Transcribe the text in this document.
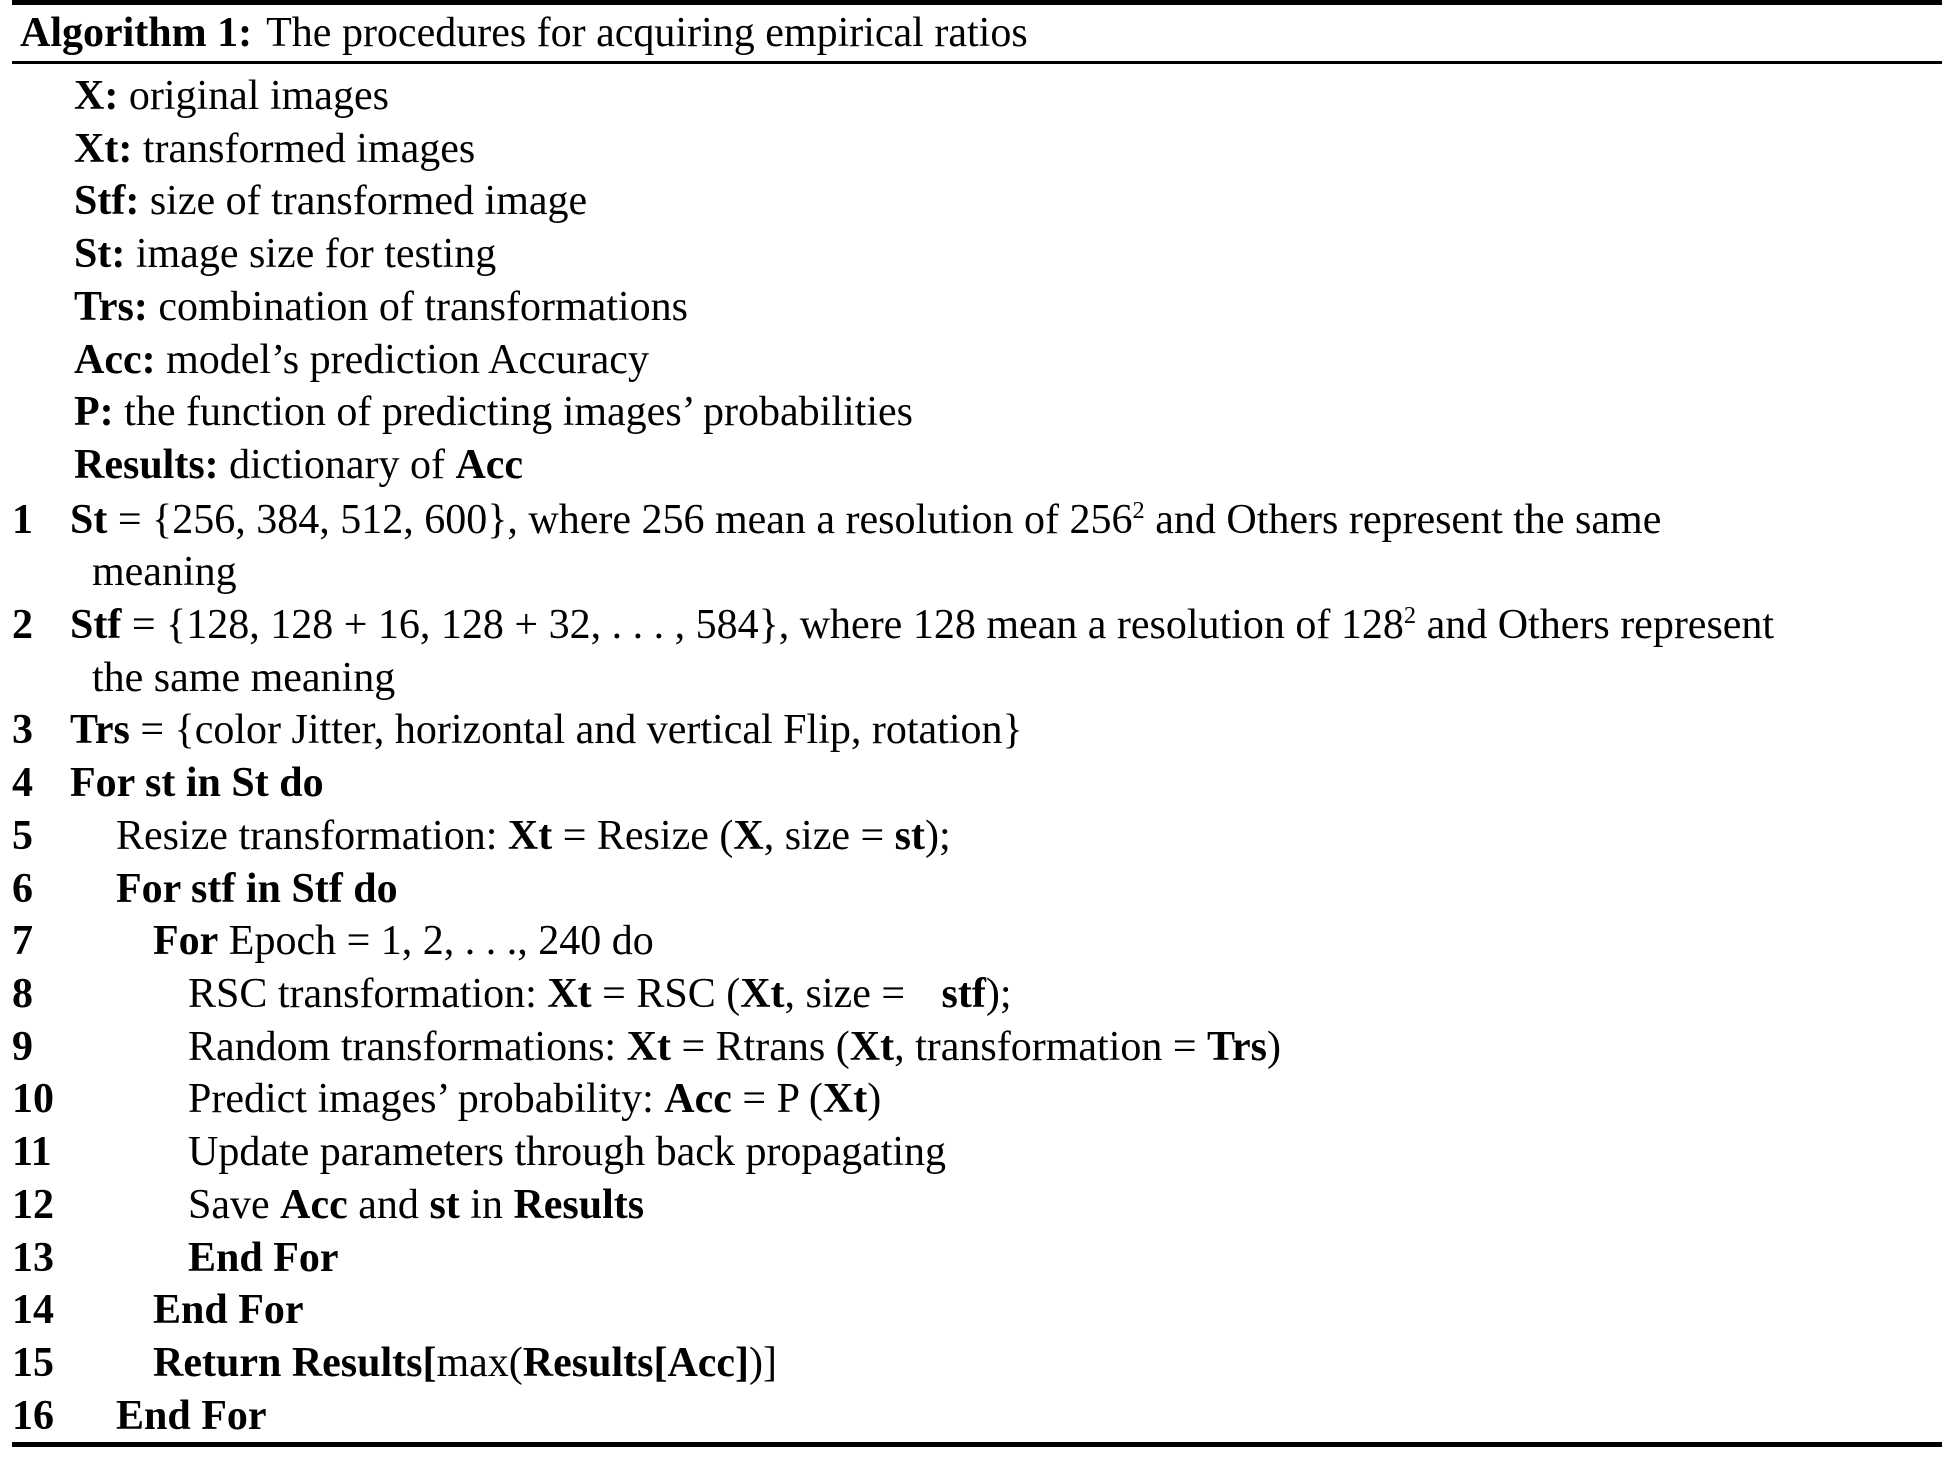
Algorithm 1: The procedures for acquiring empirical ratios
X: original images
Xt: transformed images
Stf: size of transformed image
St: image size for testing
Trs: combination of transformations
Acc: model’s prediction Accuracy
P: the function of predicting images’ probabilities
Results: dictionary of Acc
1 St = {256, 384, 512, 600}, where 256 mean a resolution of $256^2$ and Others represent the same
meaning
2 Stf = {128, 128 + 16, 128 + 32, . . . , 584}, where 128 mean a resolution of $128^2$ and Others represent
the same meaning
3 Trs = {color Jitter, horizontal and vertical Flip, rotation}
4 For st in St do
5	Resize transformation: Xt = Resize (X, size = st);
6	For stf in Stf do
7	For Epoch = 1, 2, . . ., 240 do
8	RSC transformation: Xt = RSC (Xt, size = stf);
9	Random transformations: Xt = Rtrans (Xt, transformation = Trs)
10	Predict images’ probability: Acc = P (Xt)
11	Update parameters through back propagating
12	Save Acc and st in Results
13	End For
14	End For
15	Return Results[max(Results[Acc])]
16	End For
